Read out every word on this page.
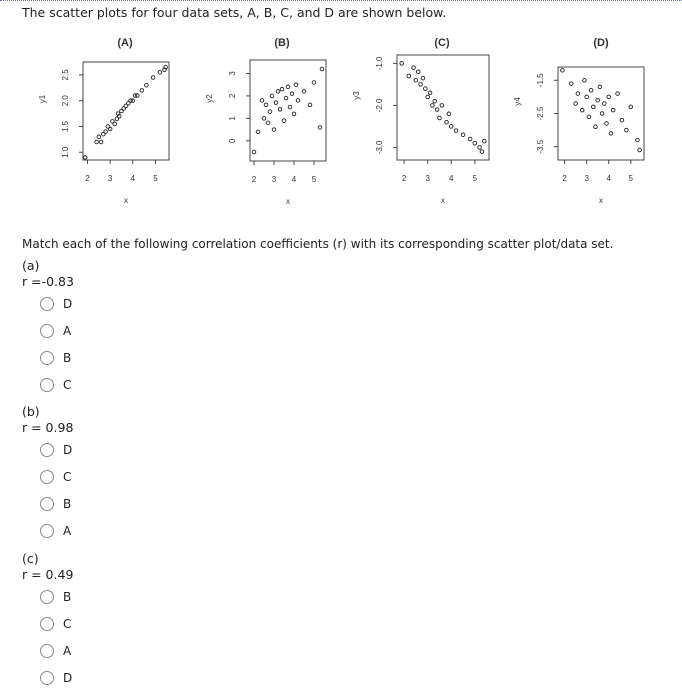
The scatter plots for four data sets, A, B, C, and D are shown below.
(A)
2 3 4 5
x
1.0
1.5
2.0
2.5
y1
(B)
2 3 4 5
x
0
1
2
3
y2
(C)
2 3 4 5
x
-3.0
-2.0
-1.0
y3
(D)
2 3 4 5
x
-3.5
-2.5
-1.5
y4
Match each of the following correlation coefficients (r) with its corresponding scatter plot/data set.
(a)
r =-0.83
D
A
B
C
(b)
r = 0.98
D
C
B
A
(c)
r = 0.49
B
C
A
D
